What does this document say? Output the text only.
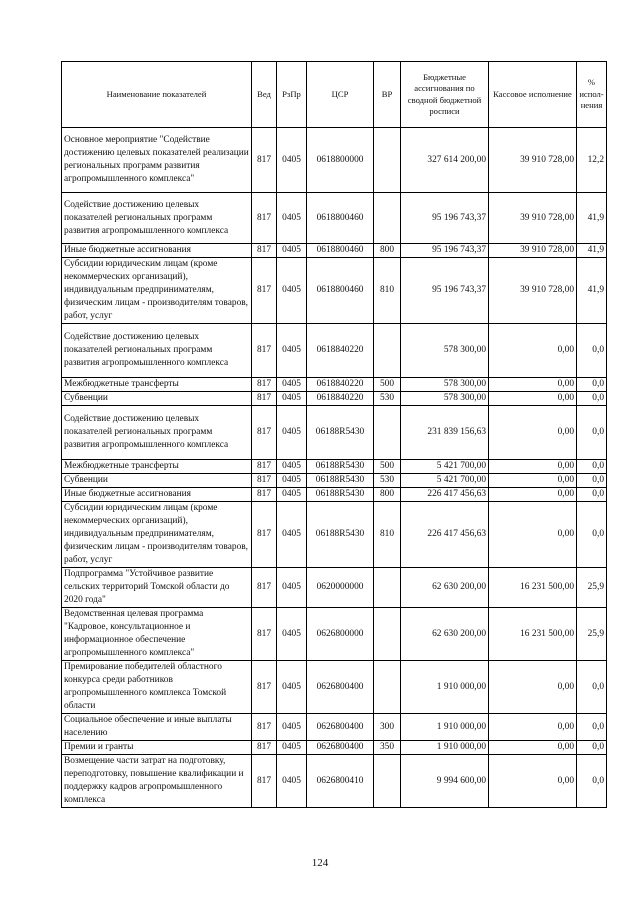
Наименование показателей	Вед	РзПр	ЦСР	ВР	Бюджетные ассигнования по сводной бюджетной росписи	Кассовое исполнение	% испол-нения
Основное мероприятие "Содействие достижению целевых показателей реализации региональных программ развития агропромышленного комплекса"	817	0405	0618800000		327 614 200,00	39 910 728,00	12,2
Содействие достижению целевых показателей региональных программ развития агропромышленного комплекса	817	0405	0618800460		95 196 743,37	39 910 728,00	41,9
Иные бюджетные ассигнования	817	0405	0618800460	800	95 196 743,37	39 910 728,00	41,9
Субсидии юридическим лицам (кроме некоммерческих организаций), индивидуальным предпринимателям, физическим лицам - производителям товаров, работ, услуг	817	0405	0618800460	810	95 196 743,37	39 910 728,00	41,9
Содействие достижению целевых показателей региональных программ развития агропромышленного комплекса	817	0405	0618840220		578 300,00	0,00	0,0
Межбюджетные трансферты	817	0405	0618840220	500	578 300,00	0,00	0,0
Субвенции	817	0405	0618840220	530	578 300,00	0,00	0,0
Содействие достижению целевых показателей региональных программ развития агропромышленного комплекса	817	0405	06188R5430		231 839 156,63	0,00	0,0
Межбюджетные трансферты	817	0405	06188R5430	500	5 421 700,00	0,00	0,0
Субвенции	817	0405	06188R5430	530	5 421 700,00	0,00	0,0
Иные бюджетные ассигнования	817	0405	06188R5430	800	226 417 456,63	0,00	0,0
Субсидии юридическим лицам (кроме некоммерческих организаций), индивидуальным предпринимателям, физическим лицам - производителям товаров, работ, услуг	817	0405	06188R5430	810	226 417 456,63	0,00	0,0
Подпрограмма "Устойчивое развитие сельских территорий Томской области до 2020 года"	817	0405	0620000000		62 630 200,00	16 231 500,00	25,9
Ведомственная целевая программа "Кадровое, консультационное и информационное обеспечение агропромышленного комплекса"	817	0405	0626800000		62 630 200,00	16 231 500,00	25,9
Премирование победителей областного конкурса среди работников агропромышленного комплекса Томской области	817	0405	0626800400		1 910 000,00	0,00	0,0
Социальное обеспечение и иные выплаты населению	817	0405	0626800400	300	1 910 000,00	0,00	0,0
Премии и гранты	817	0405	0626800400	350	1 910 000,00	0,00	0,0
Возмещение части затрат на подготовку, переподготовку, повышение квалификации и поддержку кадров агропромышленного комплекса	817	0405	0626800410		9 994 600,00	0,00	0,0
124
